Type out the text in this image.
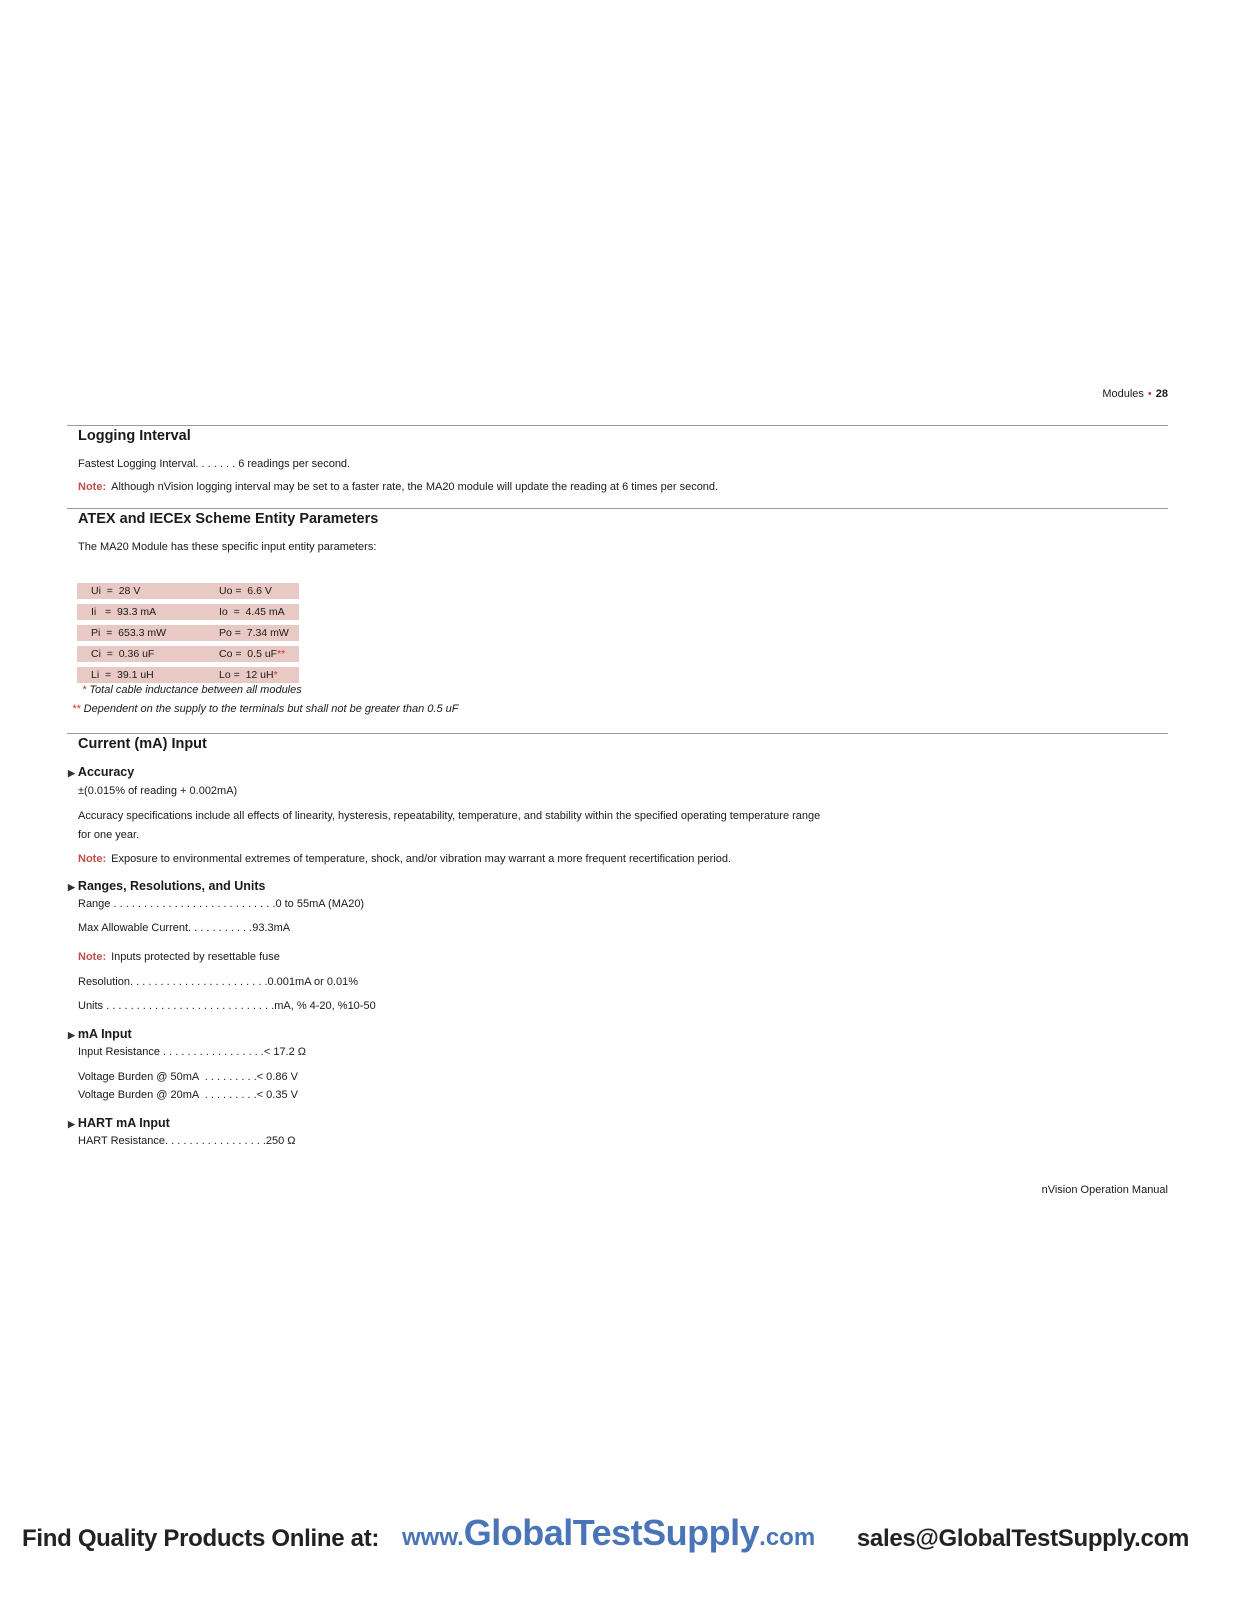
Modules • 28
Logging Interval
Fastest Logging Interval. . . . . . . 6 readings per second.
Note: Although nVision logging interval may be set to a faster rate, the MA20 module will update the reading at 6 times per second.
ATEX and IECEx Scheme Entity Parameters
The MA20 Module has these specific input entity parameters:
Ui  =  28 V	Uo =  6.6 V
Ii   =  93.3 mA	Io  =  4.45 mA
Pi  =  653.3 mW	Po =  7.34 mW
Ci  =  0.36 uF	Co =  0.5 uF**
Li  =  39.1 uH	Lo =  12 uH*
* Total cable inductance between all modules
** Dependent on the supply to the terminals but shall not be greater than 0.5 uF
Current (mA) Input
▶ Accuracy
±(0.015% of reading + 0.002mA)
Accuracy specifications include all effects of linearity, hysteresis, repeatability, temperature, and stability within the specified operating temperature range
for one year.
Note: Exposure to environmental extremes of temperature, shock, and/or vibration may warrant a more frequent recertification period.
▶ Ranges, Resolutions, and Units
Range . . . . . . . . . . . . . . . . . . . . . . . . . . .0 to 55mA (MA20)
Max Allowable Current. . . . . . . . . . .93.3mA
Note: Inputs protected by resettable fuse
Resolution. . . . . . . . . . . . . . . . . . . . . . .0.001mA or 0.01%
Units . . . . . . . . . . . . . . . . . . . . . . . . . . . .mA, % 4-20, %10-50
▶ mA Input
Input Resistance . . . . . . . . . . . . . . . . .< 17.2 Ω
Voltage Burden @ 50mA  . . . . . . . . .< 0.86 V
Voltage Burden @ 20mA  . . . . . . . . .< 0.35 V
▶ HART mA Input
HART Resistance. . . . . . . . . . . . . . . . .250 Ω
nVision Operation Manual
Find Quality Products Online at: www.GlobalTestSupply.com sales@GlobalTestSupply.com
